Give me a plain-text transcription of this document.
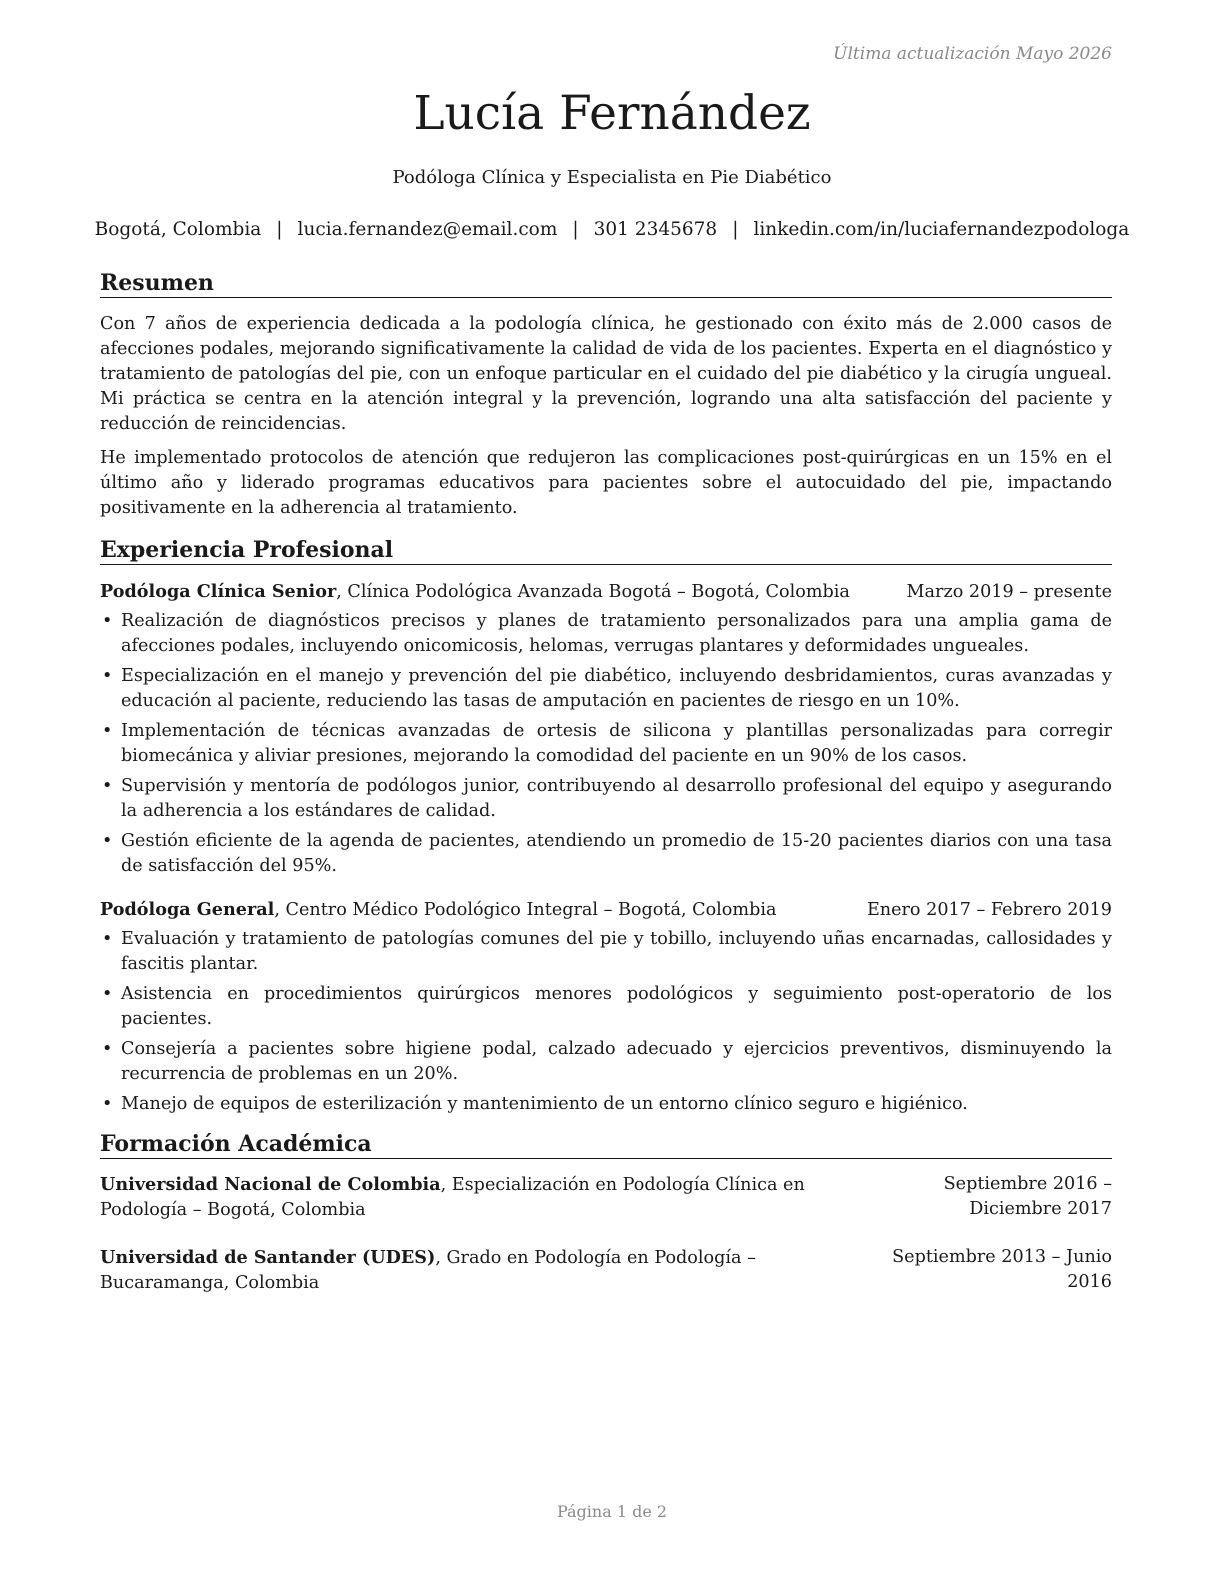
Última actualización Mayo 2026
Lucía Fernández
Podóloga Clínica y Especialista en Pie Diabético
Bogotá, Colombia | lucia.fernandez@email.com | 301 2345678 | linkedin.com/in/luciafernandezpodologa
Resumen

Con 7 años de experiencia dedicada a la podología clínica, he gestionado con éxito más de 2.000 casos de afecciones podales, mejorando significativamente la calidad de vida de los pacientes. Experta en el diagnóstico y tratamiento de patologías del pie, con un enfoque particular en el cuidado del pie diabético y la cirugía ungueal. Mi práctica se centra en la atención integral y la prevención, logrando una alta satisfacción del paciente y reducción de reincidencias.

He implementado protocolos de atención que redujeron las complicaciones post-quirúrgicas en un 15% en el último año y liderado programas educativos para pacientes sobre el autocuidado del pie, impactando positivamente en la adherencia al tratamiento.

Experiencia Profesional
Podóloga Clínica Senior, Clínica Podológica Avanzada Bogotá – Bogotá, Colombia	Marzo 2019 – presente
• Realización de diagnósticos precisos y planes de tratamiento personalizados para una amplia gama de afecciones podales, incluyendo onicomicosis, helomas, verrugas plantares y deformidades ungueales.
• Especialización en el manejo y prevención del pie diabético, incluyendo desbridamientos, curas avanzadas y educación al paciente, reduciendo las tasas de amputación en pacientes de riesgo en un 10%.
• Implementación de técnicas avanzadas de ortesis de silicona y plantillas personalizadas para corregir biomecánica y aliviar presiones, mejorando la comodidad del paciente en un 90% de los casos.
• Supervisión y mentoría de podólogos junior, contribuyendo al desarrollo profesional del equipo y asegurando la adherencia a los estándares de calidad.
• Gestión eficiente de la agenda de pacientes, atendiendo un promedio de 15-20 pacientes diarios con una tasa de satisfacción del 95%.
Podóloga General, Centro Médico Podológico Integral – Bogotá, Colombia	Enero 2017 – Febrero 2019
• Evaluación y tratamiento de patologías comunes del pie y tobillo, incluyendo uñas encarnadas, callosidades y fascitis plantar.
• Asistencia en procedimientos quirúrgicos menores podológicos y seguimiento post-operatorio de los pacientes.
• Consejería a pacientes sobre higiene podal, calzado adecuado y ejercicios preventivos, disminuyendo la recurrencia de problemas en un 20%.
• Manejo de equipos de esterilización y mantenimiento de un entorno clínico seguro e higiénico.
Formación Académica
Universidad Nacional de Colombia, Especialización en Podología Clínica en Podología – Bogotá, Colombia
Septiembre 2016 – Diciembre 2017
Universidad de Santander (UDES), Grado en Podología en Podología – Bucaramanga, Colombia
Septiembre 2013 – Junio 2016
Página 1 de 2
